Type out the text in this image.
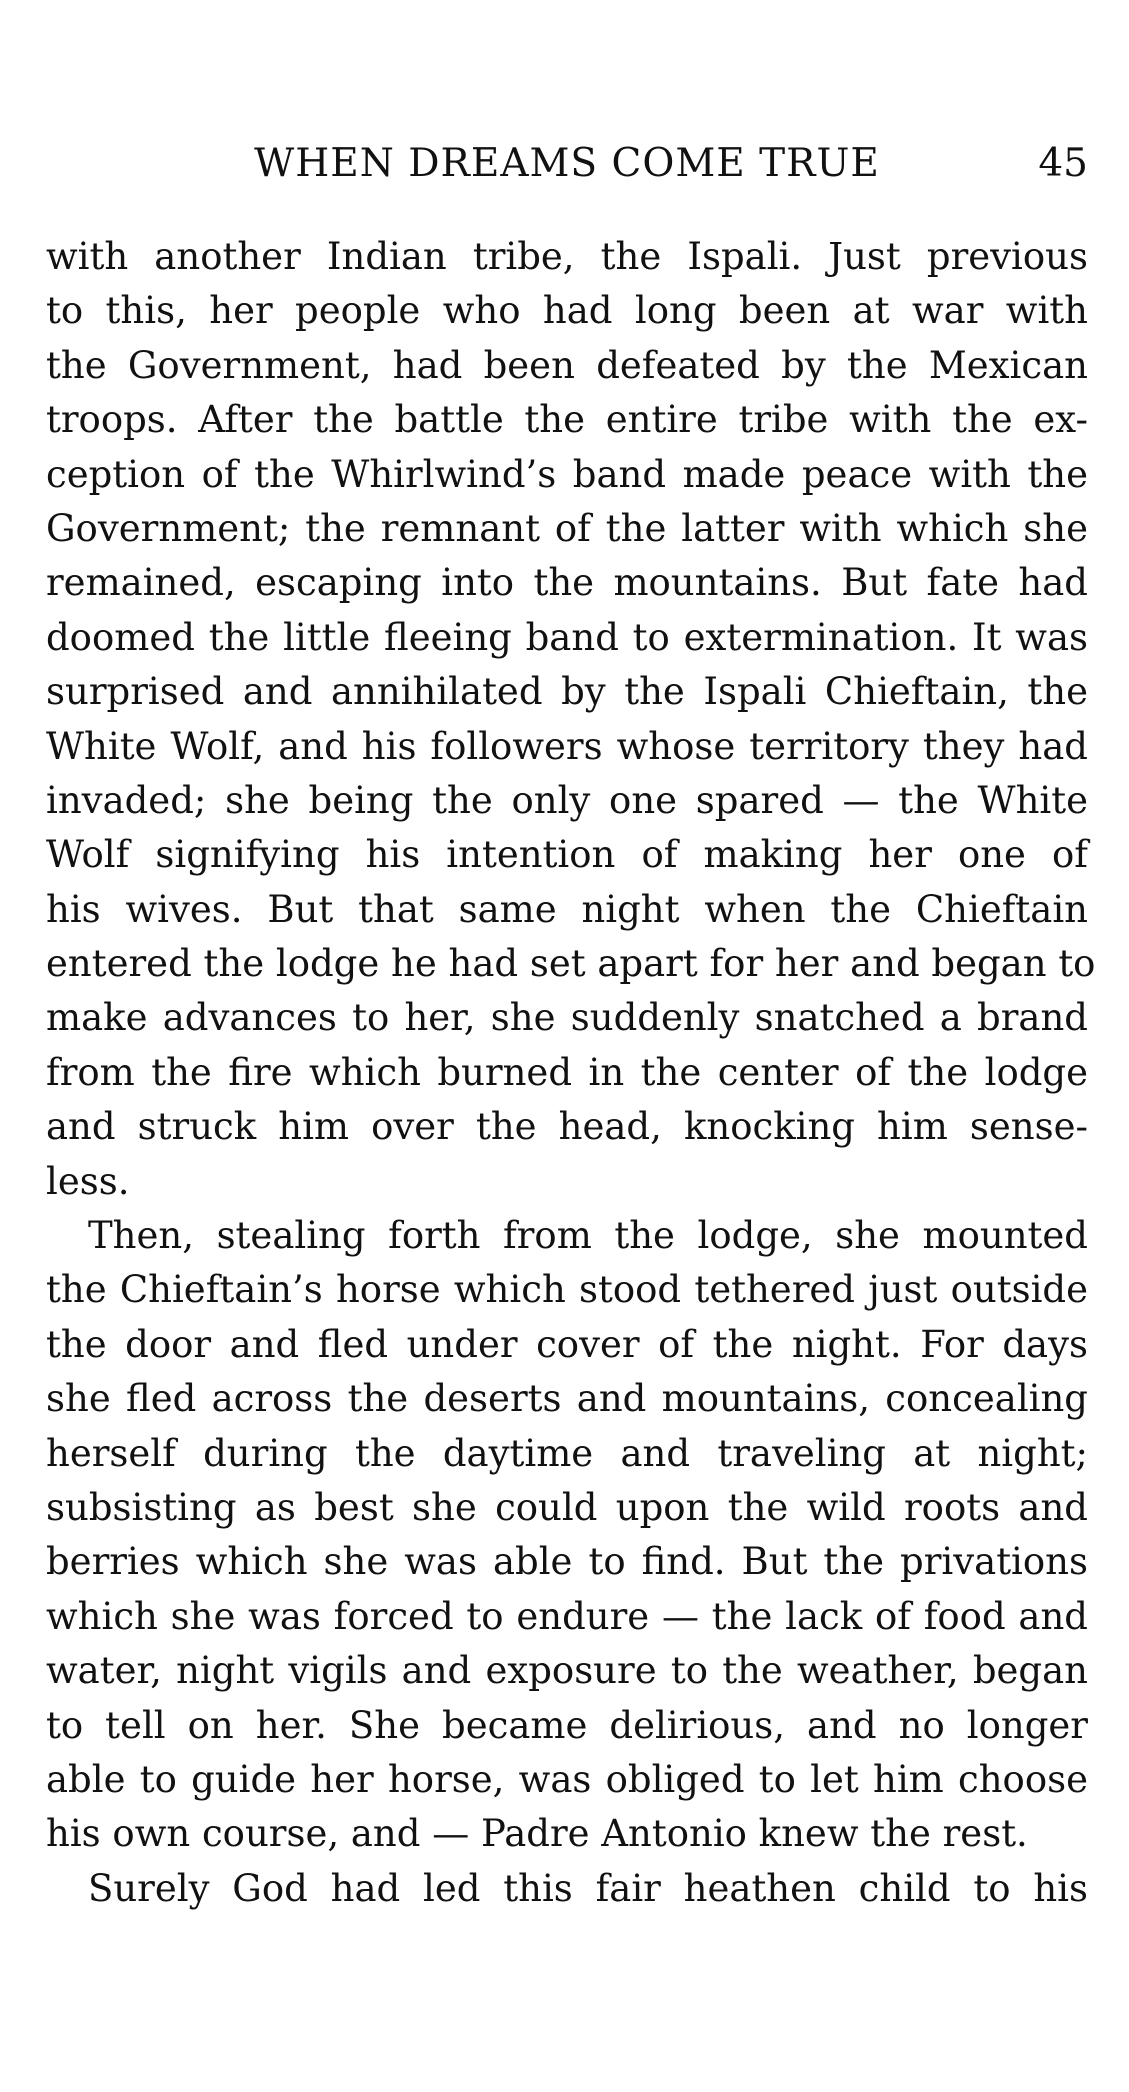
WHEN DREAMS COME TRUE	45
with another Indian tribe, the Ispali. Just previous
to this, her people who had long been at war with
the Government, had been defeated by the Mexican
troops. After the battle the entire tribe with the ex-
ception of the Whirlwind’s band made peace with the
Government; the remnant of the latter with which she
remained, escaping into the mountains. But fate had
doomed the little fleeing band to extermination. It was
surprised and annihilated by the Ispali Chieftain, the
White Wolf, and his followers whose territory they had
invaded; she being the only one spared — the White
Wolf signifying his intention of making her one of
his wives. But that same night when the Chieftain
entered the lodge he had set apart for her and began to
make advances to her, she suddenly snatched a brand
from the fire which burned in the center of the lodge
and struck him over the head, knocking him sense-
less.
Then, stealing forth from the lodge, she mounted
the Chieftain’s horse which stood tethered just outside
the door and fled under cover of the night. For days
she fled across the deserts and mountains, concealing
herself during the daytime and traveling at night;
subsisting as best she could upon the wild roots and
berries which she was able to find. But the privations
which she was forced to endure — the lack of food and
water, night vigils and exposure to the weather, began
to tell on her. She became delirious, and no longer
able to guide her horse, was obliged to let him choose
his own course, and — Padre Antonio knew the rest.
Surely God had led this fair heathen child to his
